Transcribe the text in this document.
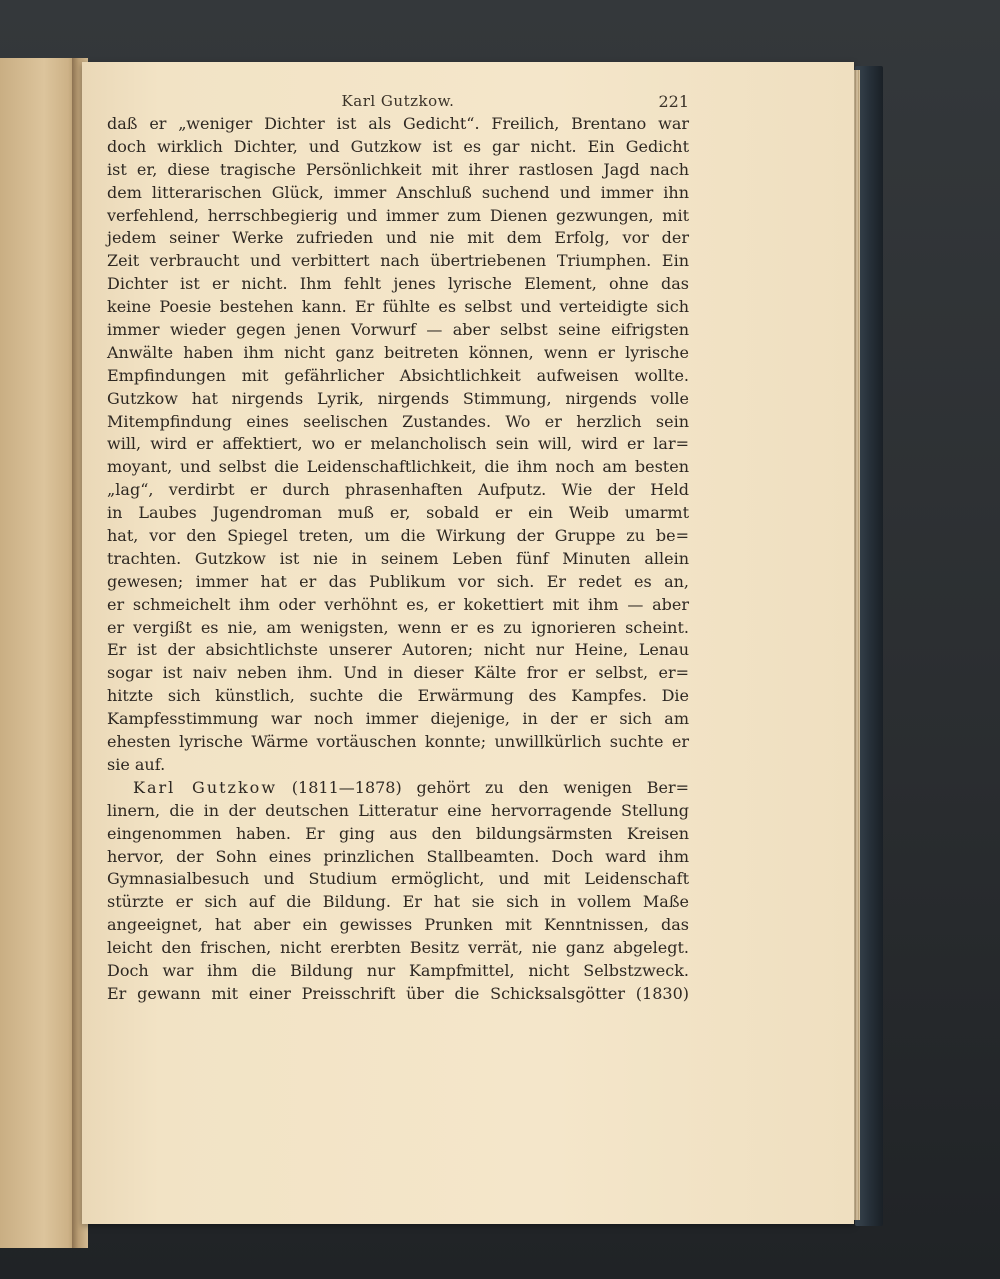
Karl Gutzkow.	221
daß er „weniger Dichter ist als Gedicht“. Freilich, Brentano war
doch wirklich Dichter, und Gutzkow ist es gar nicht. Ein Gedicht
ist er, diese tragische Persönlichkeit mit ihrer rastlosen Jagd nach
dem litterarischen Glück, immer Anschluß suchend und immer ihn
verfehlend, herrschbegierig und immer zum Dienen gezwungen, mit
jedem seiner Werke zufrieden und nie mit dem Erfolg, vor der
Zeit verbraucht und verbittert nach übertriebenen Triumphen. Ein
Dichter ist er nicht. Ihm fehlt jenes lyrische Element, ohne das
keine Poesie bestehen kann. Er fühlte es selbst und verteidigte sich
immer wieder gegen jenen Vorwurf — aber selbst seine eifrigsten
Anwälte haben ihm nicht ganz beitreten können, wenn er lyrische
Empfindungen mit gefährlicher Absichtlichkeit aufweisen wollte.
Gutzkow hat nirgends Lyrik, nirgends Stimmung, nirgends volle
Mitempfindung eines seelischen Zustandes. Wo er herzlich sein
will, wird er affektiert, wo er melancholisch sein will, wird er lar=
moyant, und selbst die Leidenschaftlichkeit, die ihm noch am besten
„lag“, verdirbt er durch phrasenhaften Aufputz. Wie der Held
in Laubes Jugendroman muß er, sobald er ein Weib umarmt
hat, vor den Spiegel treten, um die Wirkung der Gruppe zu be=
trachten. Gutzkow ist nie in seinem Leben fünf Minuten allein
gewesen; immer hat er das Publikum vor sich. Er redet es an,
er schmeichelt ihm oder verhöhnt es, er kokettiert mit ihm — aber
er vergißt es nie, am wenigsten, wenn er es zu ignorieren scheint.
Er ist der absichtlichste unserer Autoren; nicht nur Heine, Lenau
sogar ist naiv neben ihm. Und in dieser Kälte fror er selbst, er=
hitzte sich künstlich, suchte die Erwärmung des Kampfes. Die
Kampfesstimmung war noch immer diejenige, in der er sich am
ehesten lyrische Wärme vortäuschen konnte; unwillkürlich suchte er
sie auf.
Karl Gutzkow (1811—1878) gehört zu den wenigen Ber=
linern, die in der deutschen Litteratur eine hervorragende Stellung
eingenommen haben. Er ging aus den bildungsärmsten Kreisen
hervor, der Sohn eines prinzlichen Stallbeamten. Doch ward ihm
Gymnasialbesuch und Studium ermöglicht, und mit Leidenschaft
stürzte er sich auf die Bildung. Er hat sie sich in vollem Maße
angeeignet, hat aber ein gewisses Prunken mit Kenntnissen, das
leicht den frischen, nicht ererbten Besitz verrät, nie ganz abgelegt.
Doch war ihm die Bildung nur Kampfmittel, nicht Selbstzweck.
Er gewann mit einer Preisschrift über die Schicksalsgötter (1830)
